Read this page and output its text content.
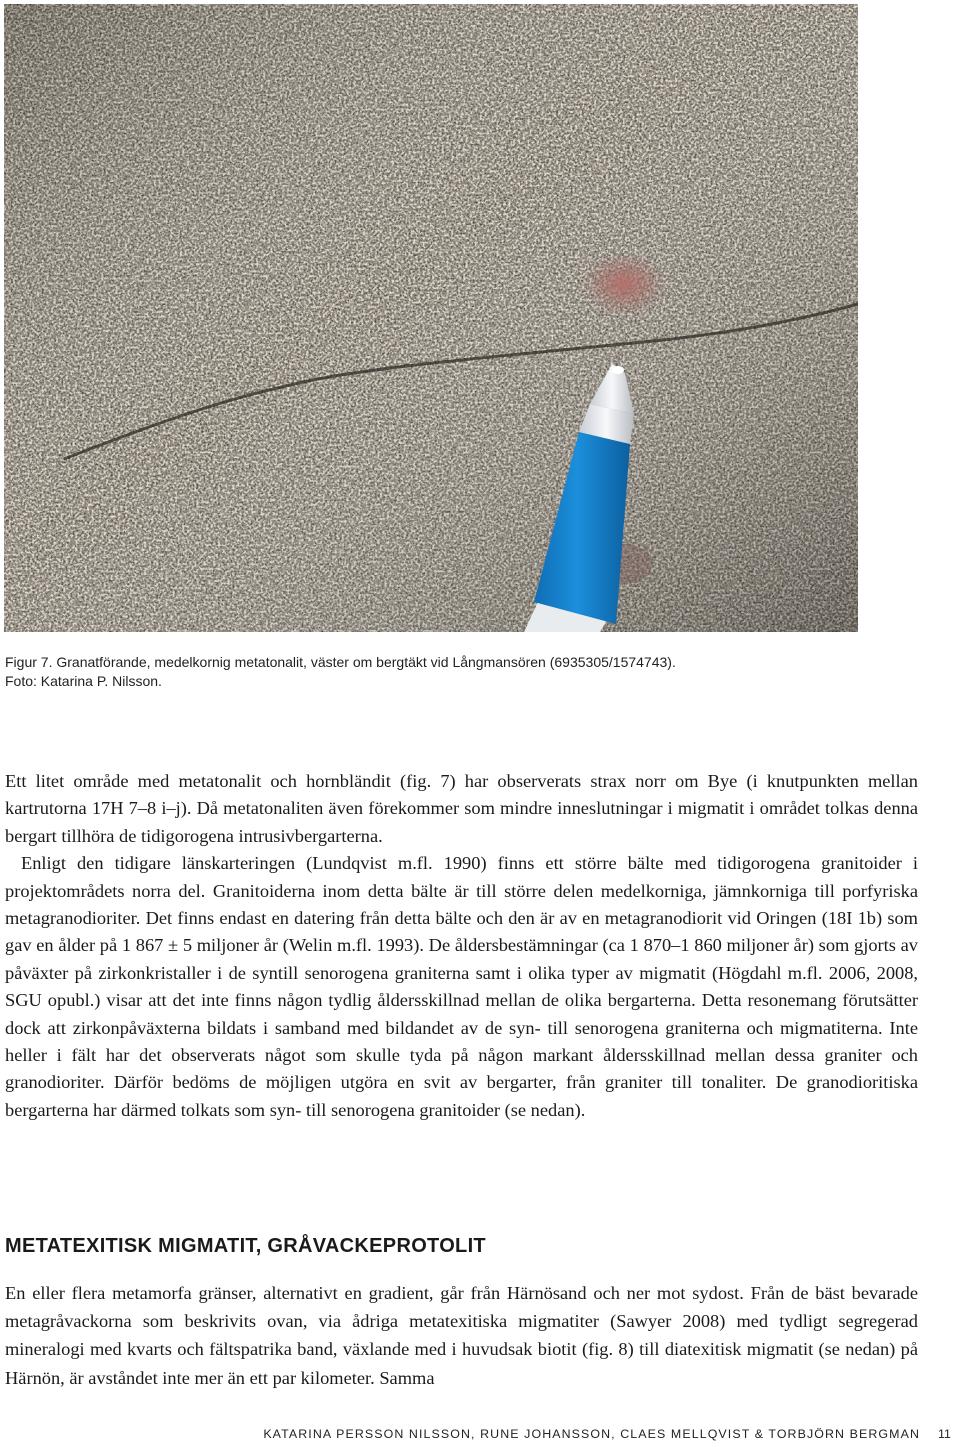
Figur 7. Granatförande, medelkornig metatonalit, väster om bergtäkt vid Långmansören (6935305/1574743).
Foto: Katarina P. Nilsson.

Ett litet område med metatonalit och hornbländit (fig. 7) har observerats strax norr om Bye (i knutpunkten mellan kartrutorna 17H 7–8 i–j). Då metatonaliten även förekommer som mindre inneslutningar i migmatit i området tolkas denna bergart tillhöra de tidigorogena intrusivbergarterna.

Enligt den tidigare länskarteringen (Lundqvist m.fl. 1990) finns ett större bälte med tidigorogena granitoider i projektområdets norra del. Granitoiderna inom detta bälte är till större delen medelkorniga, jämnkorniga till porfyriska metagranodioriter. Det finns endast en datering från detta bälte och den är av en metagranodiorit vid Oringen (18I 1b) som gav en ålder på 1 867 ± 5 miljoner år (Welin m.fl. 1993). De åldersbestämningar (ca 1 870–1 860 miljoner år) som gjorts av påväxter på zirkonkristaller i de syntill senorogena graniterna samt i olika typer av migmatit (Högdahl m.fl. 2006, 2008, SGU opubl.) visar att det inte finns någon tydlig åldersskillnad mellan de olika bergarterna. Detta resonemang förutsätter dock att zirkonpåväxterna bildats i samband med bildandet av de syn- till senorogena graniterna och migmatiterna. Inte heller i fält har det observerats något som skulle tyda på någon markant åldersskillnad mellan dessa graniter och granodioriter. Därför bedöms de möjligen utgöra en svit av bergarter, från graniter till tonaliter. De granodioritiska bergarterna har därmed tolkats som syn- till senorogena granitoider (se nedan).

METATEXITISK MIGMATIT, GRÅVACKEPROTOLIT

En eller flera metamorfa gränser, alternativt en gradient, går från Härnösand och ner mot sydost. Från de bäst bevarade metagråvackorna som beskrivits ovan, via ådriga metatexitiska migmatiter (Sawyer 2008) med tydligt segregerad mineralogi med kvarts och fältspatrika band, växlande med i huvudsak biotit (fig. 8) till diatexitisk migmatit (se nedan) på Härnön, är avståndet inte mer än ett par kilometer. Samma

KATARINA PERSSON NILSSON, RUNE JOHANSSON, CLAES MELLQVIST & TORBJÖRN BERGMAN 11
